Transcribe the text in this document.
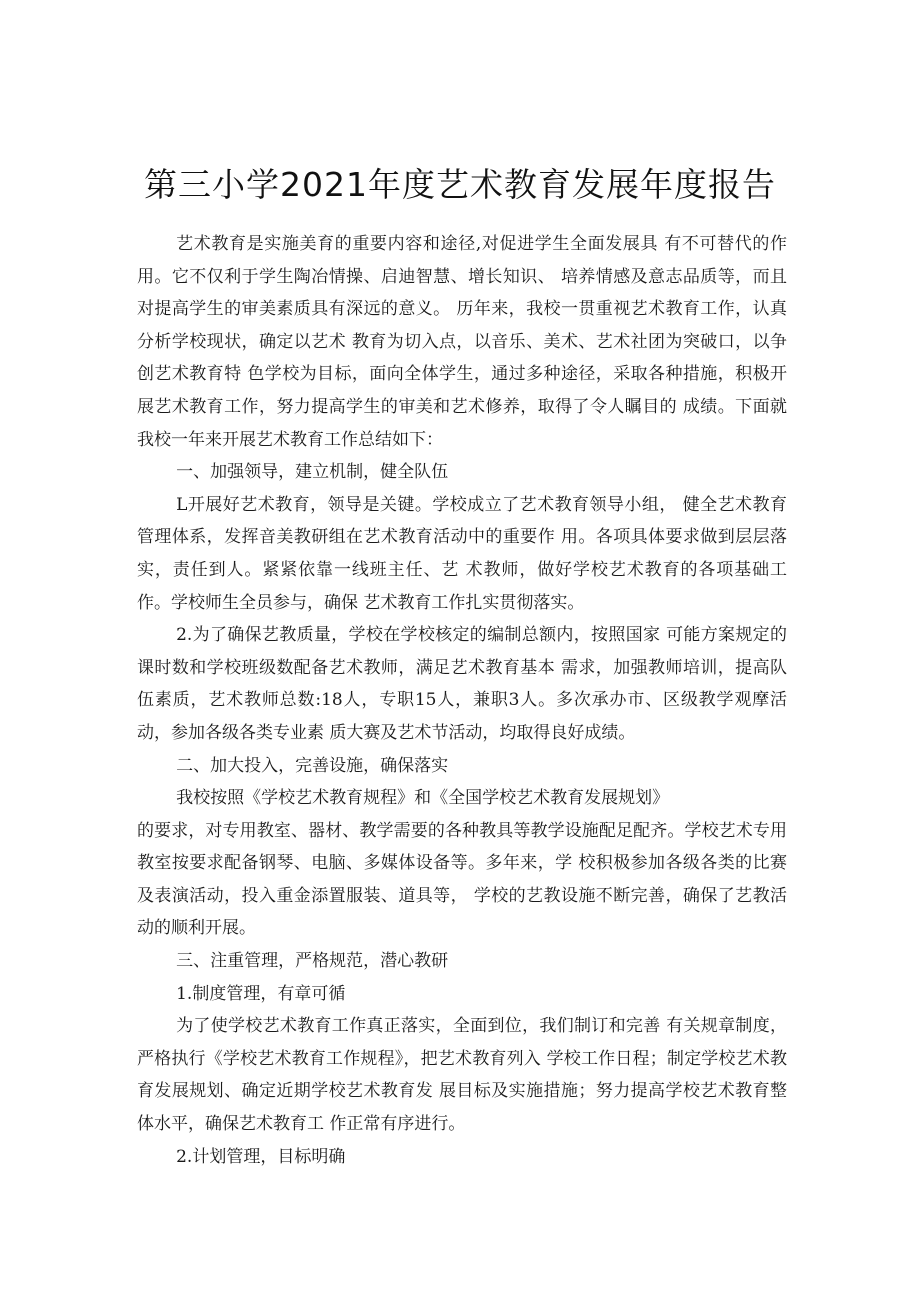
第三小学2021年度艺术教育发展年度报告

艺术教育是实施美育的重要内容和途径,对促进学生全面发展具 有不可替代的作用。它不仅利于学生陶冶情操、启迪智慧、增长知识、 培养情感及意志品质等，而且对提高学生的审美素质具有深远的意义。 历年来，我校一贯重视艺术教育工作，认真分析学校现状，确定以艺术 教育为切入点，以音乐、美术、艺术社团为突破口，以争创艺术教育特 色学校为目标，面向全体学生，通过多种途径，采取各种措施，积极开 展艺术教育工作，努力提高学生的审美和艺术修养，取得了令人瞩目的 成绩。下面就我校一年来开展艺术教育工作总结如下：

一、加强领导，建立机制，健全队伍

L开展好艺术教育，领导是关键。学校成立了艺术教育领导小组， 健全艺术教育管理体系，发挥音美教研组在艺术教育活动中的重要作 用。各项具体要求做到层层落实，责任到人。紧紧依靠一线班主任、艺 术教师，做好学校艺术教育的各项基础工作。学校师生全员参与，确保 艺术教育工作扎实贯彻落实。

2.为了确保艺教质量，学校在学校核定的编制总额内，按照国家 可能方案规定的课时数和学校班级数配备艺术教师，满足艺术教育基本 需求，加强教师培训，提高队伍素质，艺术教师总数:18人，专职15人，兼职3人。多次承办市、区级教学观摩活动，参加各级各类专业素 质大赛及艺术节活动，均取得良好成绩。

二、加大投入，完善设施，确保落实

我校按照《学校艺术教育规程》和《全国学校艺术教育发展规划》

的要求，对专用教室、器材、教学需要的各种教具等教学设施配足配齐。学校艺术专用教室按要求配备钢琴、电脑、多媒体设备等。多年来，学 校积极参加各级各类的比赛及表演活动，投入重金添置服装、道具等， 学校的艺教设施不断完善，确保了艺教活动的顺利开展。

三、注重管理，严格规范，潜心教研

1.制度管理，有章可循

为了使学校艺术教育工作真正落实，全面到位，我们制订和完善 有关规章制度，严格执行《学校艺术教育工作规程》，把艺术教育列入 学校工作日程；制定学校艺术教育发展规划、确定近期学校艺术教育发 展目标及实施措施；努力提高学校艺术教育整体水平，确保艺术教育工 作正常有序进行。

2.计划管理，目标明确
